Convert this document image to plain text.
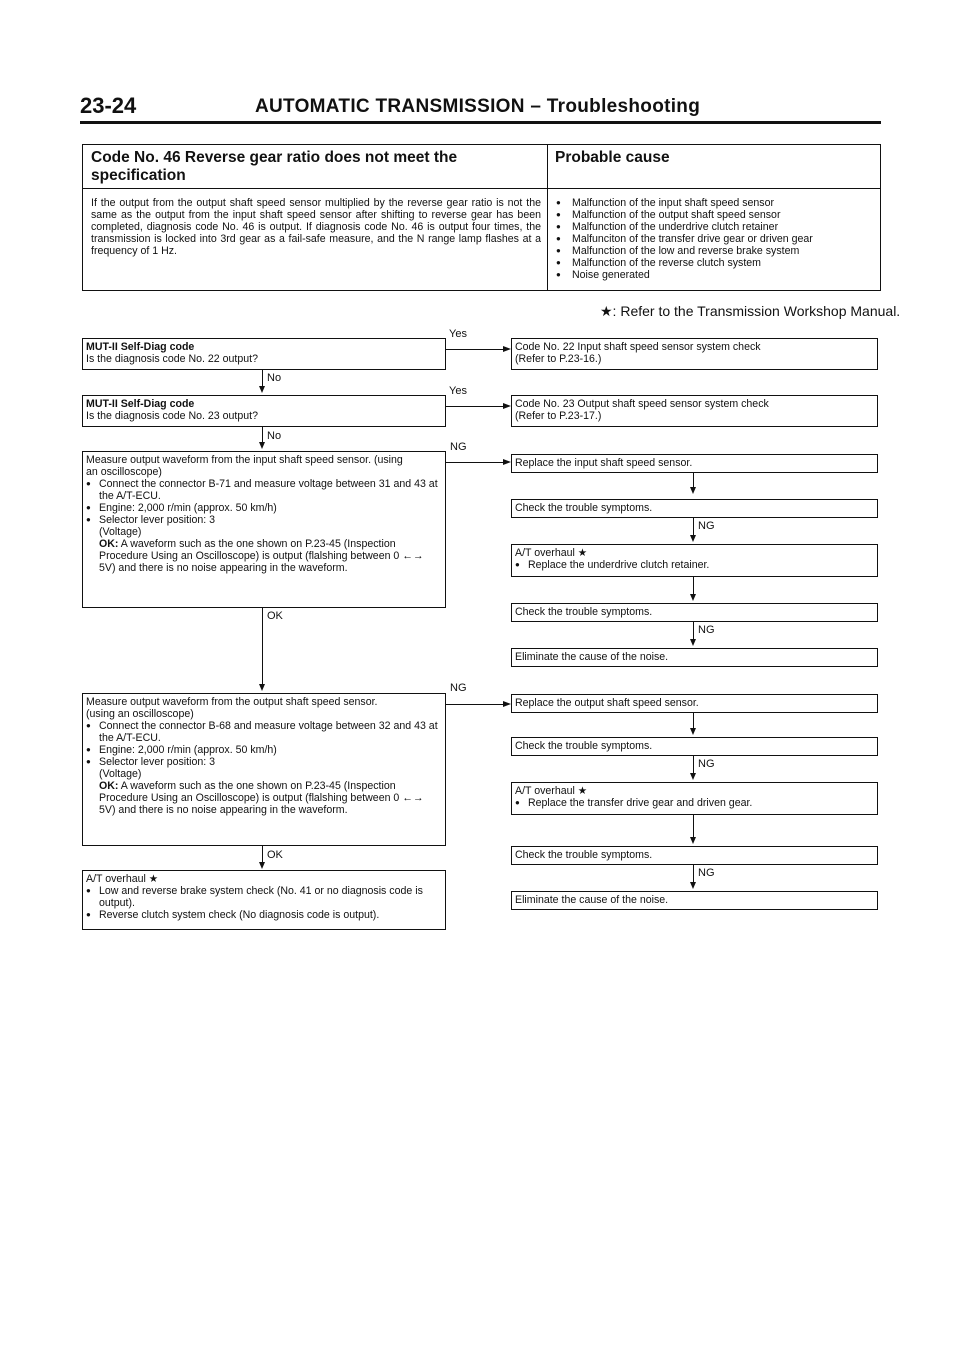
23-24	AUTOMATIC TRANSMISSION – Troubleshooting
Code No. 46 Reverse gear ratio does not meet the specification
Probable cause
If the output from the output shaft speed sensor multiplied by the reverse gear ratio is not the same as the output from the input shaft speed sensor after shifting to reverse gear has been completed, diagnosis code No. 46 is output. If diagnosis code No. 46 is output four times, the transmission is locked into 3rd gear as a fail-safe measure, and the N range lamp flashes at a frequency of 1 Hz.
● Malfunction of the input shaft speed sensor
● Malfunction of the output shaft speed sensor
● Malfunction of the underdrive clutch retainer
● Malfunciton of the transfer drive gear or driven gear
● Malfunction of the low and reverse brake system
● Malfunction of the reverse clutch system
● Noise generated
★: Refer to the Transmission Workshop Manual.
MUT-II Self-Diag code
Is the diagnosis code No. 22 output?
Yes
Code No. 22 Input shaft speed sensor system check
(Refer to P.23-16.)
No
MUT-II Self-Diag code
Is the diagnosis code No. 23 output?
Yes
Code No. 23 Output shaft speed sensor system check
(Refer to P.23-17.)
No
Measure output waveform from the input shaft speed sensor. (using
an oscilloscope)
● Connect the connector B-71 and measure voltage between 31 and 43 at the A/T-ECU.
● Engine: 2,000 r/min (approx. 50 km/h)
● Selector lever position: 3
(Voltage)
OK: A waveform such as the one shown on P.23-45 (Inspection Procedure Using an Oscilloscope) is output (flalshing between 0 ←→ 5V) and there is no noise appearing in the waveform.
NG
OK
Measure output waveform from the output shaft speed sensor.
(using an oscilloscope)
● Connect the connector B-68 and measure voltage between 32 and 43 at the A/T-ECU.
● Engine: 2,000 r/min (approx. 50 km/h)
● Selector lever position: 3
(Voltage)
OK: A waveform such as the one shown on P.23-45 (Inspection Procedure Using an Oscilloscope) is output (flalshing between 0 ←→ 5V) and there is no noise appearing in the waveform.
NG
OK
A/T overhaul ★
● Low and reverse brake system check (No. 41 or no diagnosis code is output).
● Reverse clutch system check (No diagnosis code is output).
Replace the input shaft speed sensor.
Check the trouble symptoms.
NG
A/T overhaul ★
● Replace the underdrive clutch retainer.
Check the trouble symptoms.
NG
Eliminate the cause of the noise.
Replace the output shaft speed sensor.
Check the trouble symptoms.
NG
A/T overhaul ★
● Replace the transfer drive gear and driven gear.
Check the trouble symptoms.
NG
Eliminate the cause of the noise.
